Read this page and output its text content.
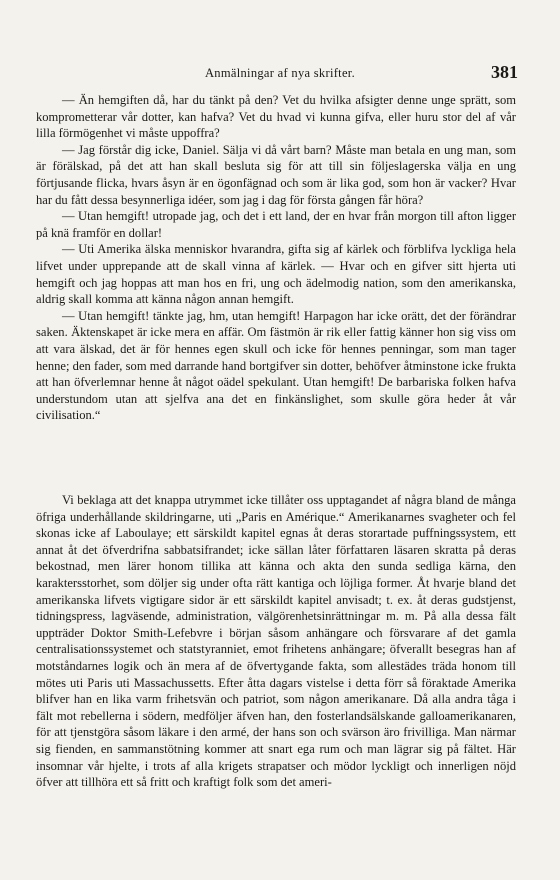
Anmälningar af nya skrifter.	381

— Än hemgiften då, har du tänkt på den? Vet du hvilka afsigter denne unge sprätt, som komprometterar vår dotter, kan hafva? Vet du hvad vi kunna gifva, eller huru stor del af vår lilla förmögenhet vi måste uppoffra?

— Jag förstår dig icke, Daniel. Sälja vi då vårt barn? Måste man betala en ung man, som är förälskad, på det att han skall besluta sig för att till sin följeslagerska välja en ung förtjusande flicka, hvars åsyn är en ögonfägnad och som är lika god, som hon är vacker? Hvar har du fått dessa besynnerliga idéer, som jag i dag för första gången får höra?

— Utan hemgift! utropade jag, och det i ett land, der en hvar från morgon till afton ligger på knä framför en dollar!

— Uti Amerika älska menniskor hvarandra, gifta sig af kärlek och förblifva lyckliga hela lifvet under upprepande att de skall vinna af kärlek. — Hvar och en gifver sitt hjerta uti hemgift och jag hoppas att man hos en fri, ung och ädelmodig nation, som den amerikanska, aldrig skall komma att känna någon annan hemgift.

— Utan hemgift! tänkte jag, hm, utan hemgift! Harpagon har icke orätt, det der förändrar saken. Äktenskapet är icke mera en affär. Om fästmön är rik eller fattig känner hon sig viss om att vara älskad, det är för hennes egen skull och icke för hennes penningar, som man tager henne; den fader, som med darrande hand bortgifver sin dotter, behöfver åtminstone icke frukta att han öfverlemnar henne åt något oädel spekulant. Utan hemgift! De barbariska folken hafva understundom utan att sjelfva ana det en finkänslighet, som skulle göra heder åt vår civilisation.“

Vi beklaga att det knappa utrymmet icke tillåter oss upptagandet af några bland de många öfriga underhållande skildringarne, uti „Paris en Amérique.“ Amerikanarnes svagheter och fel skonas icke af Laboulaye; ett särskildt kapitel egnas åt deras storartade puffningssystem, ett annat åt det öfverdrifna sabbatsifrandet; icke sällan låter författaren läsaren skratta på deras bekostnad, men lärer honom tillika att känna och akta den sunda sedliga kärna, den karaktersstorhet, som döljer sig under ofta rätt kantiga och löjliga former. Åt hvarje bland det amerikanska lifvets vigtigare sidor är ett särskildt kapitel anvisadt; t. ex. åt deras gudstjenst, tidningspress, lagväsende, administration, välgörenhetsinrättningar m. m. På alla dessa fält uppträder Doktor Smith-Lefebvre i början såsom anhängare och försvarare af det gamla centralisationssystemet och statstyranniet, emot frihetens anhängare; öfverallt besegras han af motståndarnes logik och än mera af de öfvertygande fakta, som allestädes träda honom till mötes uti Paris uti Massachussetts. Efter åtta dagars vistelse i detta förr så föraktade Amerika blifver han en lika varm frihetsvän och patriot, som någon amerikanare. Då alla andra tåga i fält mot rebellerna i södern, medföljer äfven han, den fosterlandsälskande galloamerikanaren, för att tjenstgöra såsom läkare i den armé, der hans son och svärson äro frivilliga. Man närmar sig fienden, en sammanstötning kommer att snart ega rum och man lägrar sig på fältet. Här insomnar vår hjelte, i trots af alla krigets strapatser och mödor lyckligt och innerligen nöjd öfver att tillhöra ett så fritt och kraftigt folk som det ameri-
